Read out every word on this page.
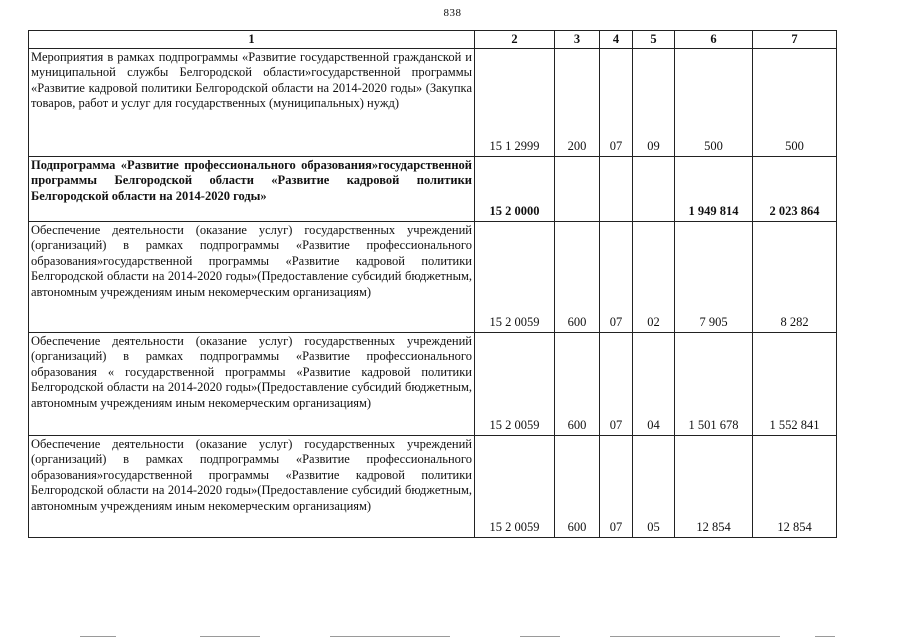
838
1	2	3	4	5	6	7
Мероприятия в рамках подпрограммы «Развитие государственной гражданской и муниципальной службы Белгородской области»государственной программы «Развитие кадровой политики Белгородской области на 2014-2020 годы» (Закупка товаров, работ и услуг для государственных (муниципальных) нужд)	15 1 2999	200	07	09	500	500
Подпрограмма «Развитие профессионального образования»государственной программы Белгородской области «Развитие кадровой политики Белгородской области на 2014-2020 годы»	15 2 0000				1 949 814	2 023 864
Обеспечение деятельности (оказание услуг) государственных учреждений (организаций) в рамках подпрограммы «Развитие профессионального образования»государственной программы «Развитие кадровой политики Белгородской области на 2014-2020 годы»(Предоставление субсидий бюджетным, автономным учреждениям иным некомерческим организациям)	15 2 0059	600	07	02	7 905	8 282
Обеспечение деятельности (оказание услуг) государственных учреждений (организаций) в рамках подпрограммы «Развитие профессионального образования « государственной программы «Развитие кадровой политики Белгородской области на 2014-2020 годы»(Предоставление субсидий бюджетным, автономным учреждениям иным некомерческим организациям)	15 2 0059	600	07	04	1 501 678	1 552 841
Обеспечение деятельности (оказание услуг) государственных учреждений (организаций) в рамках подпрограммы «Развитие профессионального образования»государственной программы «Развитие кадровой политики Белгородской области на 2014-2020 годы»(Предоставление субсидий бюджетным, автономным учреждениям иным некомерческим организациям)	15 2 0059	600	07	05	12 854	12 854
